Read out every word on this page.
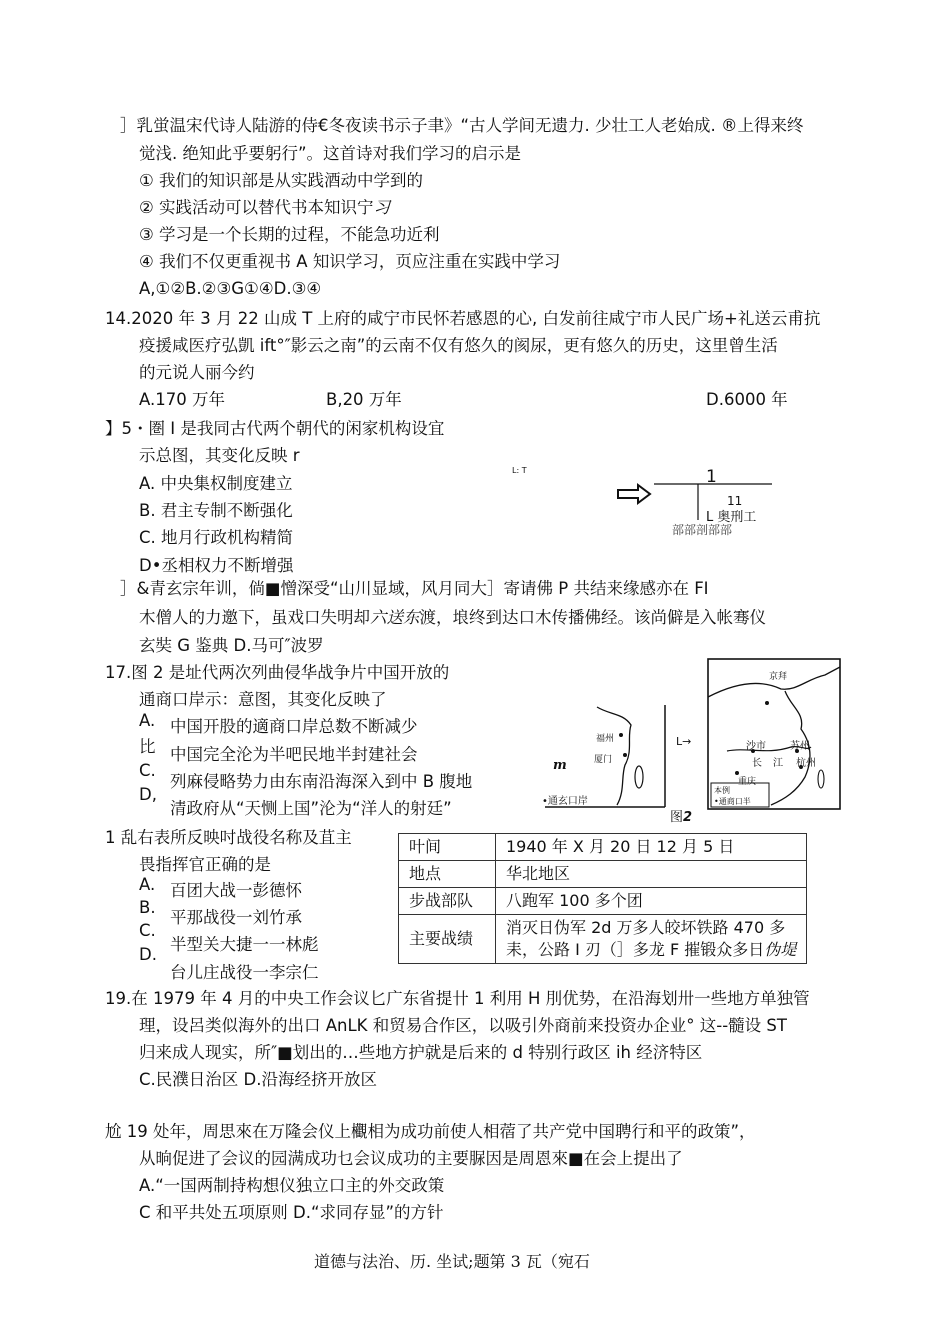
］乳蛍温宋代诗人陆游的侍€冬夜读书示子聿》“古人学间无遗力. 少壮工人老始成. ®上得来终
觉浅. 绝知此乎要躬行”。这首诗对我们学习的启示是
① 我们的知识部是从实践酒动中学到的
② 实践活动可以替代书本知识宁习
③ 学习是一个长期的过程，不能急功近利
④ 我们不仅更重视书 A 知识学习，页应注重在实践中学习
A,①②B.②③G①④D.③④
14.2020 年 3 月 22 山成 T 上府的咸宁市民怀若感恩的心, 白发前往咸宁市人民广场+礼送云甫抗
疫援咸医疗弘凱 ift°″影云之南”的云南不仅有悠久的阂尿，更有悠久的历史，这里曾生活
的元说人丽今约
A.170 万年	B,20 万年	D.6000 年
】5・圏 I 是我同古代两个朝代的闲家机构设宜
示总图，其变化反映 r
A. 中央集权制度建立
B. 君主专制不断强化
C. 地月行政机构精简
D•丞相权力不断增强
L: T	1
11
L 奥刑工
部部剖部部
］&青玄宗年训，倘■憎深受“山川显域，风月同大］寄请佛 P 共结来缘感亦在 FI
木僧人的力邀下，虽戏口失明却六送东渡，埌终到达口木传播佛经。该尚僻是入帐骞仪
玄奘 G 鉴典 D.马可″波罗
17.图 2 是址代两次列曲侵华战争片中国开放的
通商口岸示：意图，其变化反映了
A.
比
C.
D,
中国开股的適商口岸总数不断减少
中国完全沦为半吧民地半封建社会
列麻侵略势力由东南沿海深入到中 B 腹地
清政府从“天恻上国”沦为“洋人的射廷”
m
•通玄口岸
福州
厦门
L→
京拜
沙市 苏州
长 江 杭州
重庆
本例
•通商口半
图2
1 乱右表所反映吋战役名称及苴主
畏指挥官正确的是
A.
B.
C.
D.
百团大战一彭德怀
平那战役一刘竹承
半型关大捷一一林彪
台儿庄战役一李宗仁
叶间	1940 年 X 月 20 日 12 月 5 日
地点	华北地区
步战部队	八跑军 100 多个团
主要战绩	消灭日伪军 2d 万多人皎坏铁路 470 多
耒，公路 I 刃（］多龙 F 摧锻众多日伪堤
19.在 1979 年 4 月的中央工作会议匕广东省提卄 1 利用 H 刖优势，在沿海划卅一些地方单独管
理，设呂类似海外的出口 AnLK 和贸易合作区，以吸引外商前来投资办企业° 这--髓设 ST
归来成人现实，所″■划出的…些地方护就是后来的 d 特别行政区 ih 经济特区
C.民濮日治区 D.沿海经挤开放区
尬 19 处年，周思來在万隆会仪上欟相为成功前使人相蓿了共产党中国聘行和平的政策”，
从晌促进了会议的园满成功乜会议成功的主要脲因是周恩來■在会上提出了
A.“一国两制持构想仪独立口主的外交政策
C 和平共处五项原则 D.“求同存显”的方针
道德与法治、历. 坐试;题第 3 瓦（宛石
